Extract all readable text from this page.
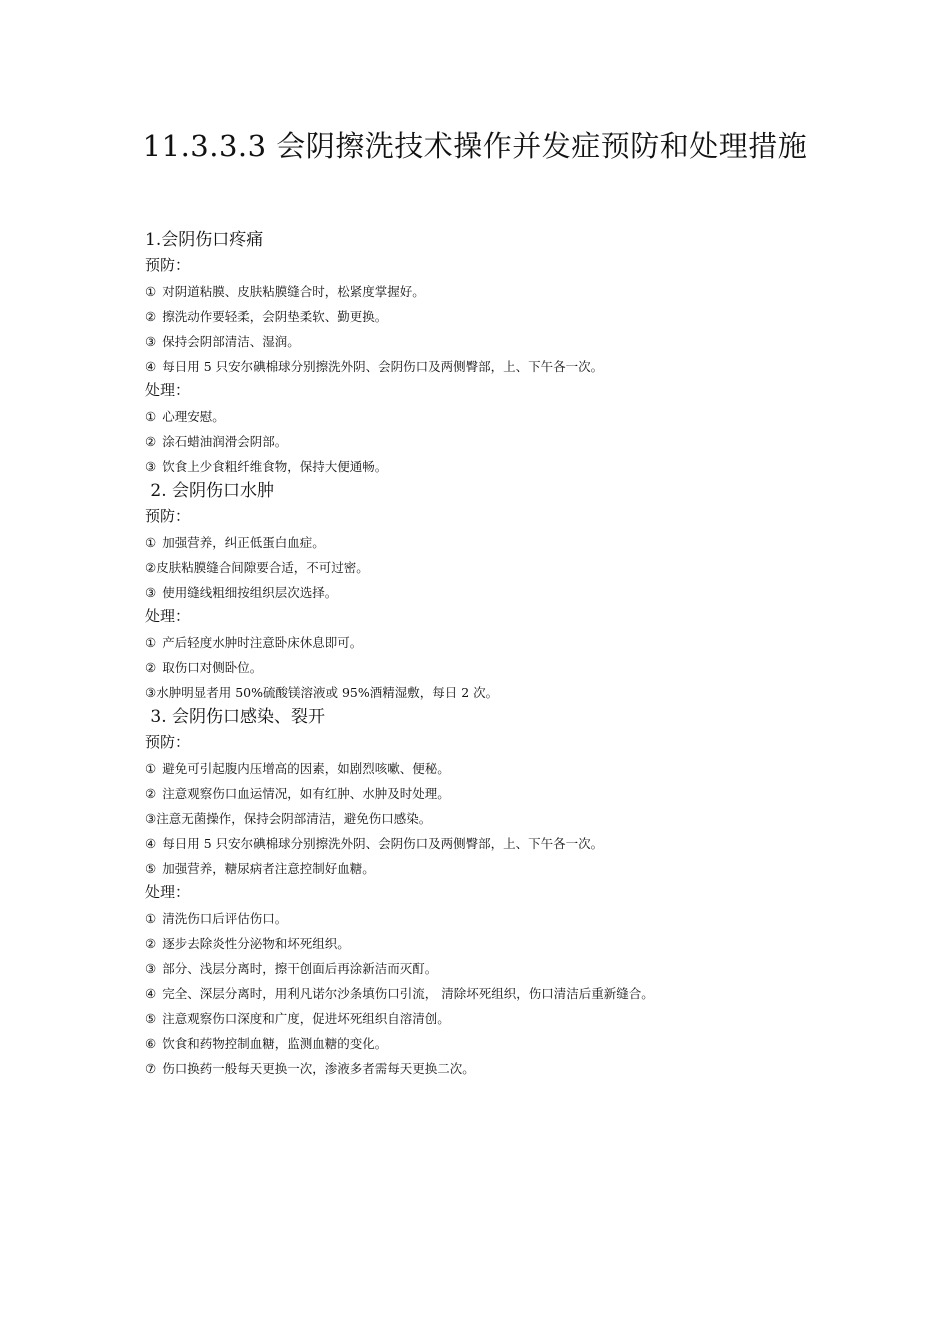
11.3.3.3 会阴擦洗技术操作并发症预防和处理措施
1.会阴伤口疼痛
预防：
① 对阴道粘膜、皮肤粘膜缝合时，松紧度掌握好。
② 擦洗动作要轻柔，会阴垫柔软、勤更换。
③ 保持会阴部清洁、湿润。
④ 每日用 5 只安尔碘棉球分别擦洗外阴、会阴伤口及两侧臀部，上、下午各一次。
处理：
① 心理安慰。
② 涂石蜡油润滑会阴部。
③ 饮食上少食粗纤维食物，保持大便通畅。
2. 会阴伤口水肿
预防：
① 加强营养，纠正低蛋白血症。
②皮肤粘膜缝合间隙要合适，不可过密。
③ 使用缝线粗细按组织层次选择。
处理：
① 产后轻度水肿时注意卧床休息即可。
② 取伤口对侧卧位。
③水肿明显者用 50%硫酸镁溶液或 95%酒精湿敷，每日 2 次。
3. 会阴伤口感染、裂开
预防：
① 避免可引起腹内压增高的因素，如剧烈咳嗽、便秘。
② 注意观察伤口血运情况，如有红肿、水肿及时处理。
③注意无菌操作，保持会阴部清洁，避免伤口感染。
④ 每日用 5 只安尔碘棉球分别擦洗外阴、会阴伤口及两侧臀部，上、下午各一次。
⑤ 加强营养，糖尿病者注意控制好血糖。
处理：
① 清洗伤口后评估伤口。
② 逐步去除炎性分泌物和坏死组织。
③ 部分、浅层分离时，擦干创面后再涂新洁而灭酊。
④ 完全、深层分离时，用利凡诺尔沙条填伤口引流， 清除坏死组织，伤口清洁后重新缝合。
⑤ 注意观察伤口深度和广度，促进坏死组织自溶清创。
⑥ 饮食和药物控制血糖，监测血糖的变化。
⑦ 伤口换药一般每天更换一次，渗液多者需每天更换二次。
